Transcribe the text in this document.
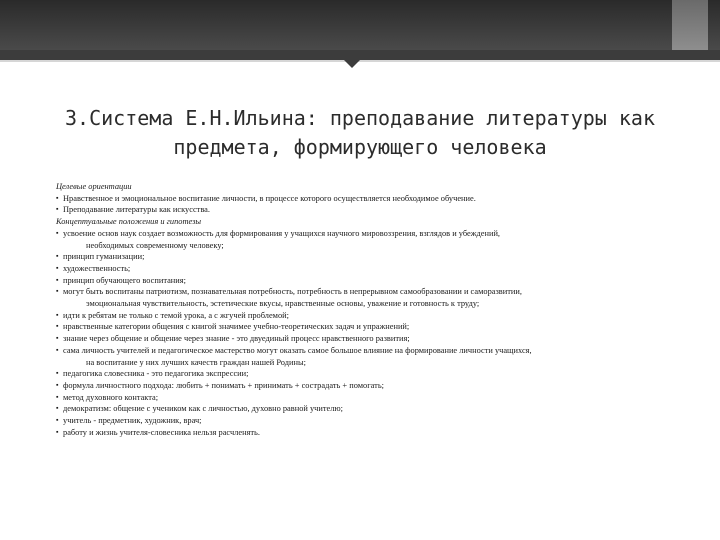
3.Система Е.Н.Ильина: преподавание литературы как
предмета, формирующего человека
Целевые ориентации
▪ Нравственное и эмоциональное воспитание личности, в процессе которого осуществляется необходимое обучение.
▪ Преподавание литературы как искусства.
Концептуальные положения и гипотезы
▪ усвоение основ наук создает возможность для формирования у учащихся научного мировоззрения, взглядов и убеждений,
необходимых современному человеку;
▪ принцип гуманизации;
▪ художественность;
▪ принцип обучающего воспитания;
▪ могут быть воспитаны патриотизм, познавательная потребность, потребность в непрерывном самообразовании и саморазвитии,
эмоциональная чувствительность, эстетические вкусы, нравственные основы, уважение и готовность к труду;
▪ идти к ребятам не только с темой урока, а с жгучей проблемой;
▪ нравственные категории общения с книгой значимее учебно-теоретических задач и упражнений;
▪ знание через общение и общение через знание - это двуединый процесс нравственного развития;
▪ сама личность учителей и педагогическое мастерство могут оказать самое большое влияние на формирование личности учащихся,
на воспитание у них лучших качеств граждан нашей Родины;
▪ педагогика словесника - это педагогика экспрессии;
▪ формула личностного подхода: любить + понимать + принимать + сострадать + помогать;
▪ метод духовного контакта;
▪ демократизм: общение с учеником как с личностью, духовно равной учителю;
▪ учитель - предметник, художник, врач;
▪ работу и жизнь учителя-словесника нельзя расчленять.
